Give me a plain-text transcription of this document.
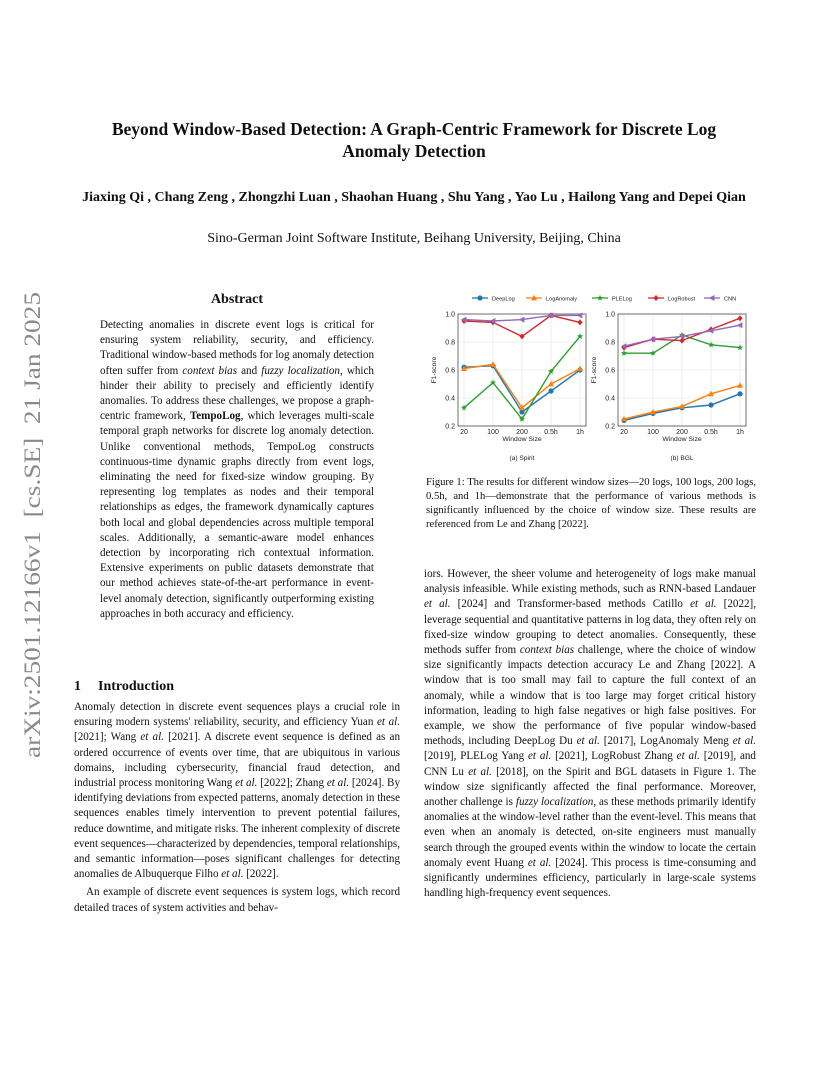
arXiv:2501.12166v1  [cs.SE]  21 Jan 2025
Beyond Window-Based Detection: A Graph-Centric Framework for Discrete Log Anomaly Detection
Jiaxing Qi , Chang Zeng , Zhongzhi Luan , Shaohan Huang , Shu Yang , Yao Lu , Hailong Yang and Depei Qian
Sino-German Joint Software Institute, Beihang University, Beijing, China
Abstract
Detecting anomalies in discrete event logs is critical for ensuring system reliability, security, and efficiency. Traditional window-based methods for log anomaly detection often suffer from context bias and fuzzy localization, which hinder their ability to precisely and efficiently identify anomalies. To address these challenges, we propose a graph-centric framework, TempoLog, which leverages multi-scale temporal graph networks for discrete log anomaly detection. Unlike conventional methods, TempoLog constructs continuous-time dynamic graphs directly from event logs, eliminating the need for fixed-size window grouping. By representing log templates as nodes and their temporal relationships as edges, the framework dynamically captures both local and global dependencies across multiple temporal scales. Additionally, a semantic-aware model enhances detection by incorporating rich contextual information. Extensive experiments on public datasets demonstrate that our method achieves state-of-the-art performance in event-level anomaly detection, significantly outperforming existing approaches in both accuracy and efficiency.
DeepLog	LogAnomaly	PLELog	LogRobust	CNN
0.2
0.4
0.6
0.8
1.0
20	100 200 0.5h	1h
Window Size
F1-score
(a) Spirit
0.2
0.4
0.6
0.8
1.0
20	100 200 0.5h	1h
Window Size
F1-score
(b) BGL
Figure 1: The results for different window sizes—20 logs, 100 logs, 200 logs, 0.5h, and 1h—demonstrate that the performance of various methods is significantly influenced by the choice of window size. These results are referenced from Le and Zhang [2022].
1 Introduction

Anomaly detection in discrete event sequences plays a crucial role in ensuring modern systems' reliability, security, and efficiency Yuan et al. [2021]; Wang et al. [2021]. A discrete event sequence is defined as an ordered occurrence of events over time, that are ubiquitous in various domains, including cybersecurity, financial fraud detection, and industrial process monitoring Wang et al. [2022]; Zhang et al. [2024]. By identifying deviations from expected patterns, anomaly detection in these sequences enables timely intervention to prevent potential failures, reduce downtime, and mitigate risks. The inherent complexity of discrete event sequences—characterized by dependencies, temporal relationships, and semantic information—poses significant challenges for detecting anomalies de Albuquerque Filho et al. [2022].

An example of discrete event sequences is system logs, which record detailed traces of system activities and behav-

iors. However, the sheer volume and heterogeneity of logs make manual analysis infeasible. While existing methods, such as RNN-based Landauer et al. [2024] and Transformer-based methods Catillo et al. [2022], leverage sequential and quantitative patterns in log data, they often rely on fixed-size window grouping to detect anomalies. Consequently, these methods suffer from context bias challenge, where the choice of window size significantly impacts detection accuracy Le and Zhang [2022]. A window that is too small may fail to capture the full context of an anomaly, while a window that is too large may forget critical history information, leading to high false negatives or high false positives. For example, we show the performance of five popular window-based methods, including DeepLog Du et al. [2017], LogAnomaly Meng et al. [2019], PLELog Yang et al. [2021], LogRobust Zhang et al. [2019], and CNN Lu et al. [2018], on the Spirit and BGL datasets in Figure 1. The window size significantly affected the final performance. Moreover, another challenge is fuzzy localization, as these methods primarily identify anomalies at the window-level rather than the event-level. This means that even when an anomaly is detected, on-site engineers must manually search through the grouped events within the window to locate the certain anomaly event Huang et al. [2024]. This process is time-consuming and significantly undermines efficiency, particularly in large-scale systems handling high-frequency event sequences.
